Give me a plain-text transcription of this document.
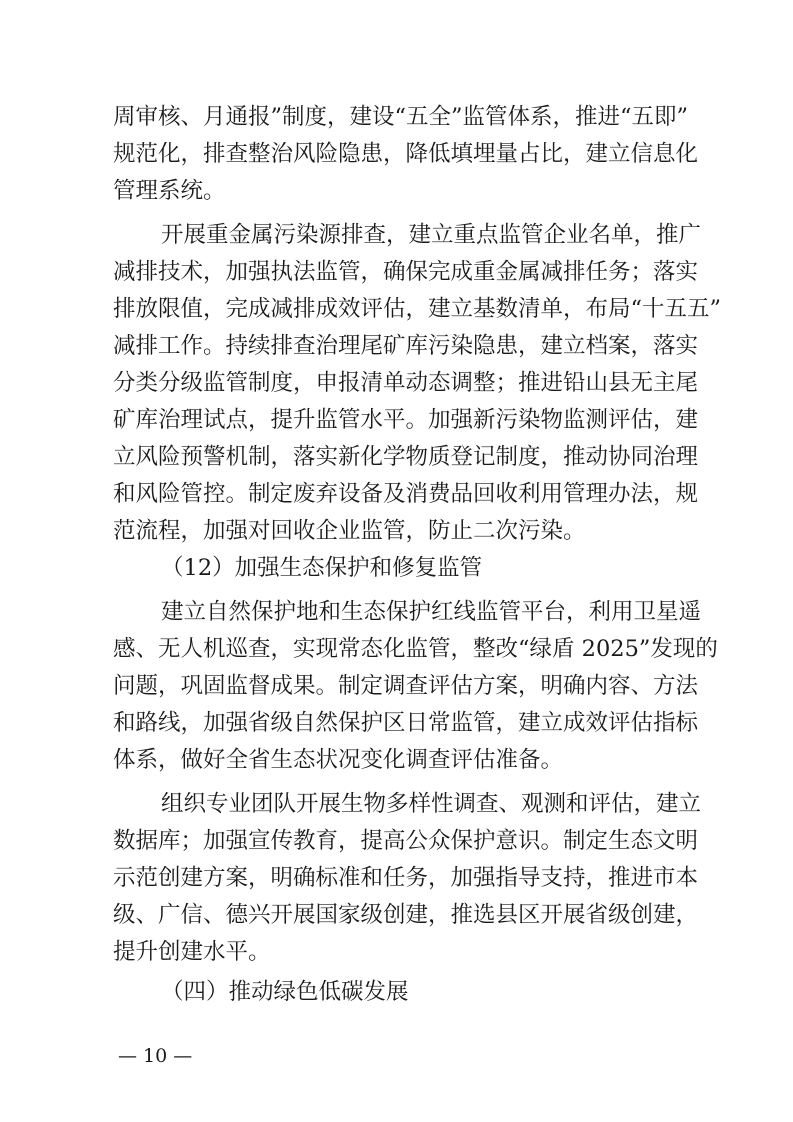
周审核、月通报”制度，建设“五全”监管体系，推进“五即”
规范化，排查整治风险隐患，降低填埋量占比，建立信息化
管理系统。
开展重金属污染源排查，建立重点监管企业名单，推广
减排技术，加强执法监管，确保完成重金属减排任务；落实
排放限值，完成减排成效评估，建立基数清单，布局“十五五”
减排工作。持续排查治理尾矿库污染隐患，建立档案，落实
分类分级监管制度，申报清单动态调整；推进铅山县无主尾
矿库治理试点，提升监管水平。加强新污染物监测评估，建
立风险预警机制，落实新化学物质登记制度，推动协同治理
和风险管控。制定废弃设备及消费品回收利用管理办法，规
范流程，加强对回收企业监管，防止二次污染。
（12）加强生态保护和修复监管
建立自然保护地和生态保护红线监管平台，利用卫星遥
感、无人机巡查，实现常态化监管，整改“绿盾 2025”发现的
问题，巩固监督成果。制定调查评估方案，明确内容、方法
和路线，加强省级自然保护区日常监管，建立成效评估指标
体系，做好全省生态状况变化调查评估准备。
组织专业团队开展生物多样性调查、观测和评估，建立
数据库；加强宣传教育，提高公众保护意识。制定生态文明
示范创建方案，明确标准和任务，加强指导支持，推进市本
级、广信、德兴开展国家级创建，推选县区开展省级创建，
提升创建水平。
（四）推动绿色低碳发展
— 10 —
